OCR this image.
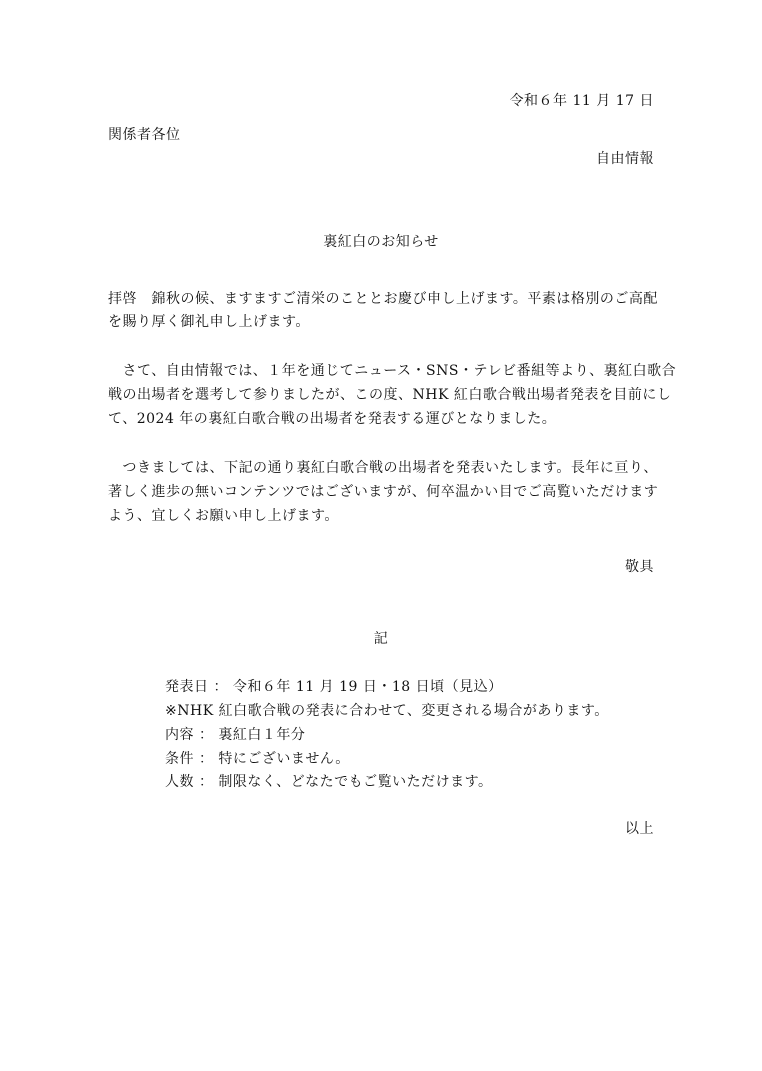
令和６年 11 月 17 日
関係者各位
自由情報
裏紅白のお知らせ
拝啓　錦秋の候、ますますご清栄のこととお慶び申し上げます。平素は格別のご高配
を賜り厚く御礼申し上げます。
　さて、自由情報では、１年を通じてニュース・SNS・テレビ番組等より、裏紅白歌合
戦の出場者を選考して参りましたが、この度、NHK 紅白歌合戦出場者発表を目前にし
て、2024 年の裏紅白歌合戦の出場者を発表する運びとなりました。
　つきましては、下記の通り裏紅白歌合戦の出場者を発表いたします。長年に亘り、
著しく進歩の無いコンテンツではございますが、何卒温かい目でご高覧いただけます
よう、宜しくお願い申し上げます。
敬具
記
発表日 ： 令和６年 11 月 19 日・18 日頃（見込）
※NHK 紅白歌合戦の発表に合わせて、変更される場合があります。
内容 ： 裏紅白１年分
条件 ： 特にございません。
人数 ： 制限なく、どなたでもご覧いただけます。
以上
